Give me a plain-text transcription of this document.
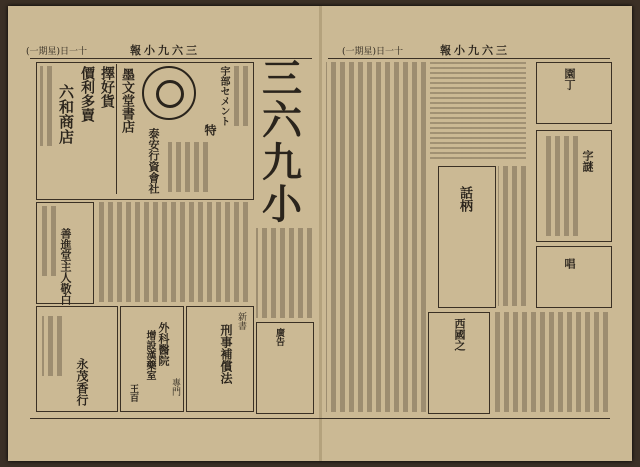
(一期星)日一十	報小九六三	(一期星)日一十	報小九六三
擇好貨
價利多賣
六和商店	墨文堂書店	宇部セメント
泰安行資會社	特
善進堂主人敬白
永茂香行
外科醫院
增設漢藥室
王百	專門
刑事補償法
新書
廣告
三
六
九
小	話柄
園丁
字謎
唱
西國之
